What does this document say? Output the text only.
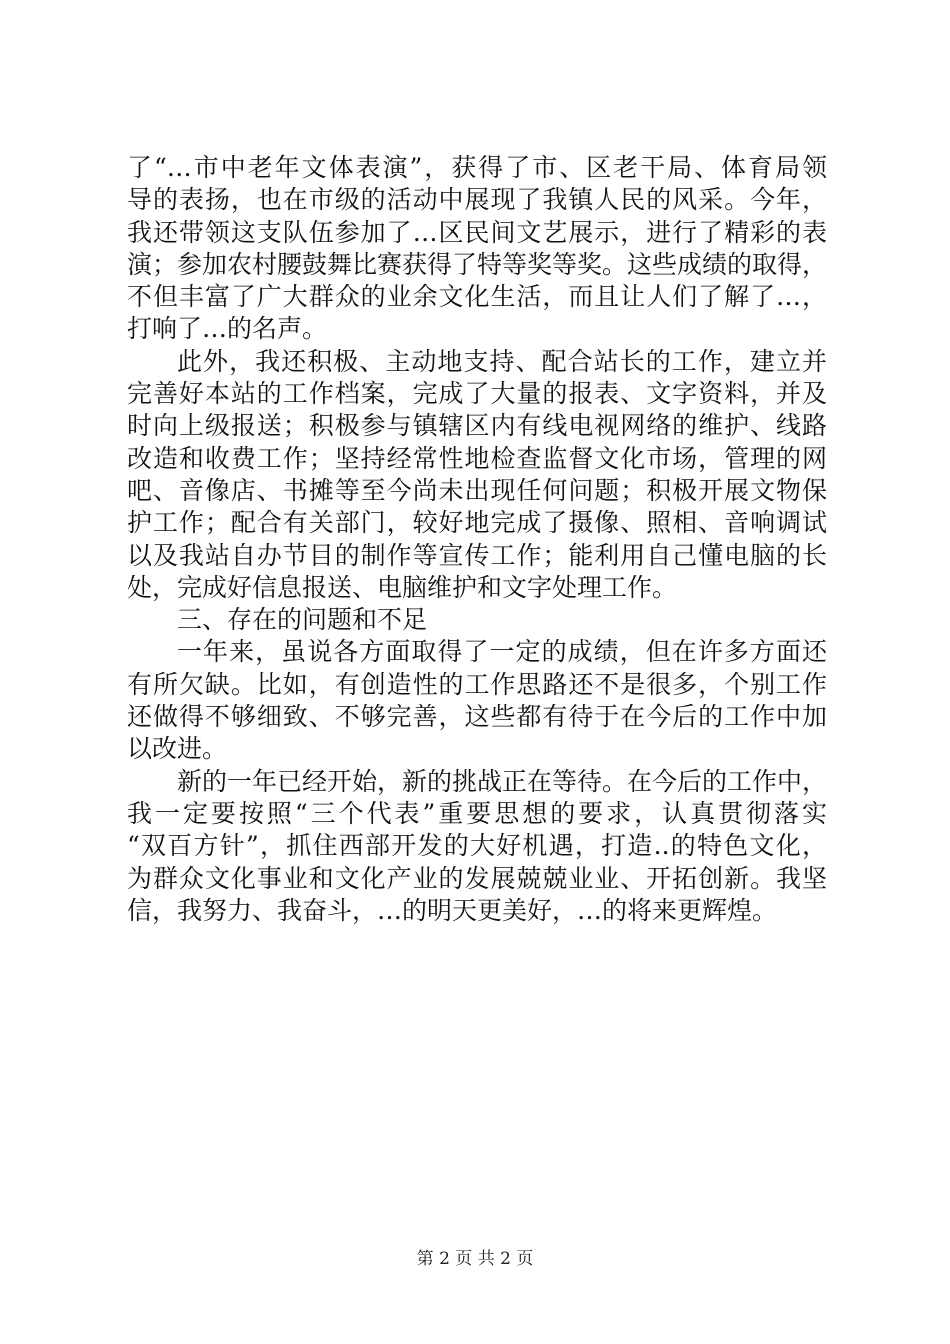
了“…市中老年文体表演”，获得了市、区老干局、体育局领
导的表扬，也在市级的活动中展现了我镇人民的风采。今年，
我还带领这支队伍参加了…区民间文艺展示，进行了精彩的表
演；参加农村腰鼓舞比赛获得了特等奖等奖。这些成绩的取得，
不但丰富了广大群众的业余文化生活，而且让人们了解了…，
打响了…的名声。
此外，我还积极、主动地支持、配合站长的工作，建立并
完善好本站的工作档案，完成了大量的报表、文字资料，并及
时向上级报送；积极参与镇辖区内有线电视网络的维护、线路
改造和收费工作；坚持经常性地检查监督文化市场，管理的网
吧、音像店、书摊等至今尚未出现任何问题；积极开展文物保
护工作；配合有关部门，较好地完成了摄像、照相、音响调试
以及我站自办节目的制作等宣传工作；能利用自己懂电脑的长
处，完成好信息报送、电脑维护和文字处理工作。
三、存在的问题和不足
一年来，虽说各方面取得了一定的成绩，但在许多方面还
有所欠缺。比如，有创造性的工作思路还不是很多，个别工作
还做得不够细致、不够完善，这些都有待于在今后的工作中加
以改进。
新的一年已经开始，新的挑战正在等待。在今后的工作中，
我一定要按照“三个代表”重要思想的要求，认真贯彻落实
“双百方针”，抓住西部开发的大好机遇，打造..的特色文化，
为群众文化事业和文化产业的发展兢兢业业、开拓创新。我坚
信，我努力、我奋斗，…的明天更美好，…的将来更辉煌。
第 2 页 共 2 页
